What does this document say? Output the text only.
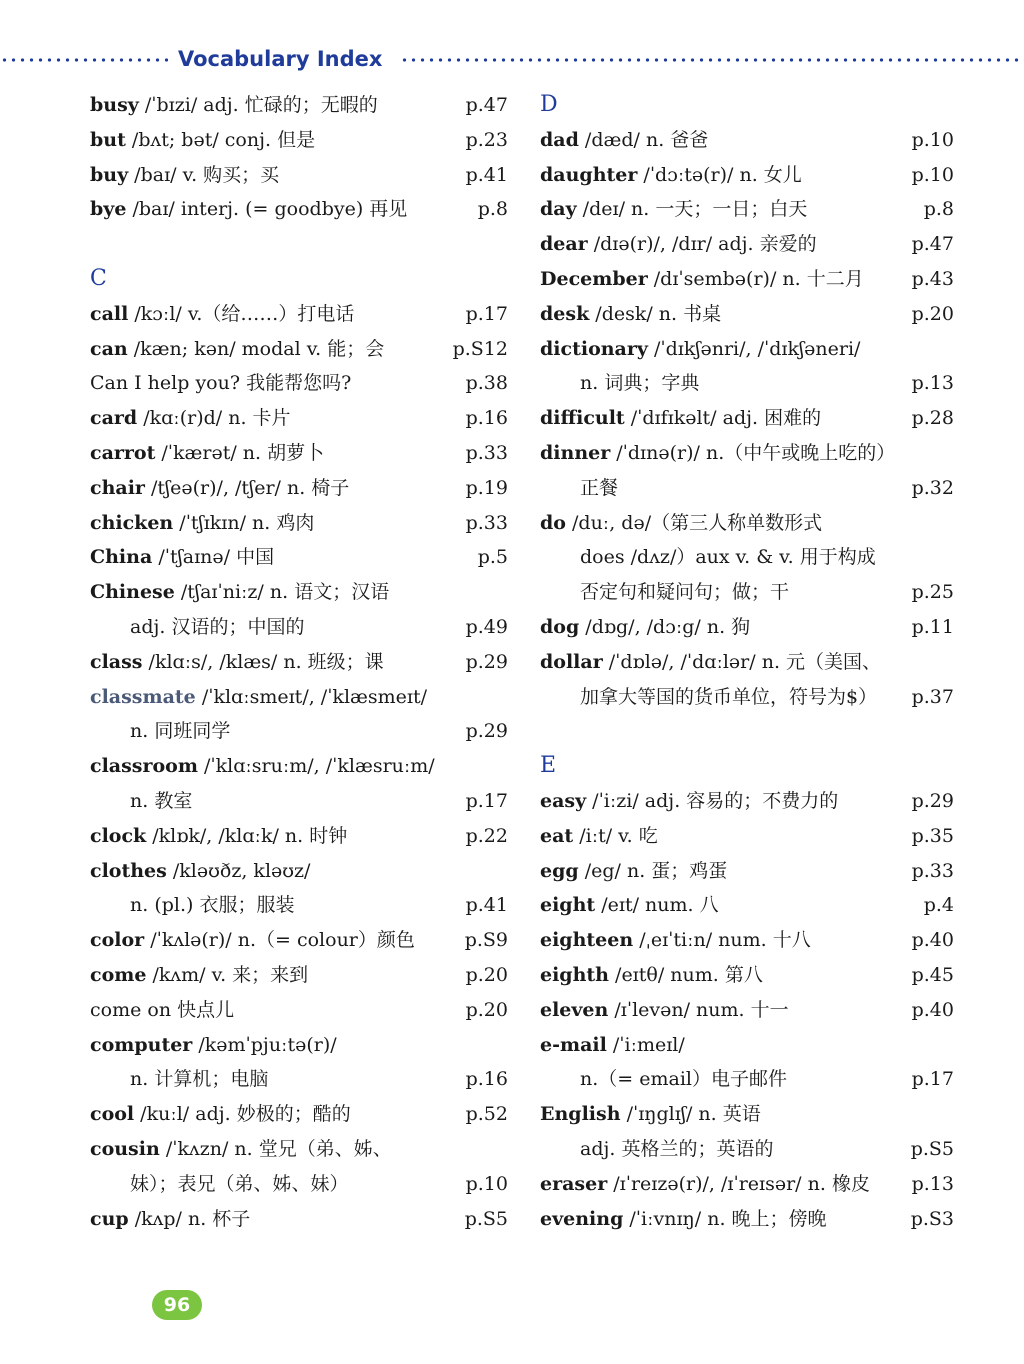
Vocabulary Index
busy /ˈbɪzi/ adj. 忙碌的；无暇的	p.47
but /bʌt; bət/ conj. 但是	p.23
buy /baɪ/ v. 购买；买	p.41
bye /baɪ/ interj. (= goodbye) 再见	p.8
C
call /kɔːl/ v.（给……）打电话	p.17
can /kæn; kən/ modal v. 能；会	p.S12
Can I help you? 我能帮您吗?	p.38
card /kɑː(r)d/ n. 卡片	p.16
carrot /ˈkærət/ n. 胡萝卜	p.33
chair /tʃeə(r)/, /tʃer/ n. 椅子	p.19
chicken /ˈtʃɪkɪn/ n. 鸡肉	p.33
China /ˈtʃaɪnə/ 中国	p.5
Chinese /tʃaɪˈniːz/ n. 语文；汉语
adj. 汉语的；中国的	p.49
class /klɑːs/, /klæs/ n. 班级；课	p.29
classmate /ˈklɑːsmeɪt/, /ˈklæsmeɪt/
n. 同班同学	p.29
classroom /ˈklɑːsruːm/, /ˈklæsruːm/
n. 教室	p.17
clock /klɒk/, /klɑːk/ n. 时钟	p.22
clothes /kləʊðz, kləʊz/
n. (pl.) 衣服；服装	p.41
color /ˈkʌlə(r)/ n.（= colour）颜色	p.S9
come /kʌm/ v. 来；来到	p.20
come on 快点儿	p.20
computer /kəmˈpjuːtə(r)/
n. 计算机；电脑	p.16
cool /kuːl/ adj. 妙极的；酷的	p.52
cousin /ˈkʌzn/ n. 堂兄（弟、姊、
妹）；表兄（弟、姊、妹）	p.10
cup /kʌp/ n. 杯子	p.S5
D
dad /dæd/ n. 爸爸	p.10
daughter /ˈdɔːtə(r)/ n. 女儿	p.10
day /deɪ/ n. 一天；一日；白天	p.8
dear /dɪə(r)/, /dɪr/ adj. 亲爱的	p.47
December /dɪˈsembə(r)/ n. 十二月	p.43
desk /desk/ n. 书桌	p.20
dictionary /ˈdɪkʃənri/, /ˈdɪkʃəneri/
n. 词典；字典	p.13
difficult /ˈdɪfɪkəlt/ adj. 困难的	p.28
dinner /ˈdɪnə(r)/ n.（中午或晚上吃的）
正餐	p.32
do /duː, də/（第三人称单数形式
does /dʌz/）aux v. & v. 用于构成
否定句和疑问句；做；干	p.25
dog /dɒg/, /dɔːg/ n. 狗	p.11
dollar /ˈdɒlə/, /ˈdɑːlər/ n. 元（美国、
加拿大等国的货币单位，符号为$） p.37
E
easy /ˈiːzi/ adj. 容易的；不费力的	p.29
eat /iːt/ v. 吃	p.35
egg /eg/ n. 蛋；鸡蛋	p.33
eight /eɪt/ num. 八	p.4
eighteen /ˌeɪˈtiːn/ num. 十八	p.40
eighth /eɪtθ/ num. 第八	p.45
eleven /ɪˈlevən/ num. 十一	p.40
e-mail /ˈiːmeɪl/
n.（= email）电子邮件	p.17
English /ˈɪŋglɪʃ/ n. 英语
adj. 英格兰的；英语的	p.S5
eraser /ɪˈreɪzə(r)/, /ɪˈreɪsər/ n. 橡皮 p.13
evening /ˈiːvnɪŋ/ n. 晚上；傍晚	p.S3
96
